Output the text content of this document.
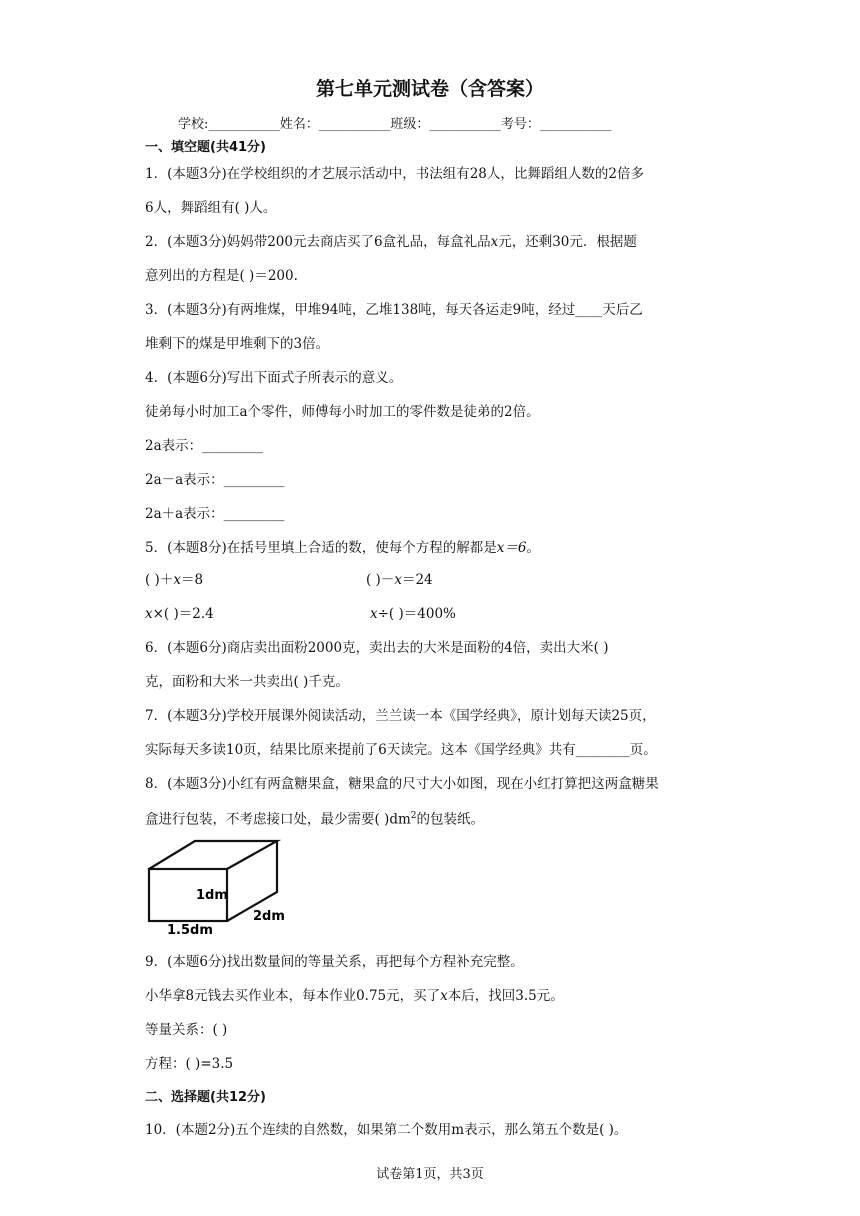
第七单元测试卷（含答案）
学校:___________姓名：___________班级：___________考号：___________
一、填空题(共41分)
1．(本题3分)在学校组织的才艺展示活动中，书法组有28人，比舞蹈组人数的2倍多
6人，舞蹈组有( )人。
2．(本题3分)妈妈带200元去商店买了6盒礼品，每盒礼品x元，还剩30元．根据题
意列出的方程是( )＝200.
3．(本题3分)有两堆煤，甲堆94吨，乙堆138吨，每天各运走9吨，经过____天后乙
堆剩下的煤是甲堆剩下的3倍。
4．(本题6分)写出下面式子所表示的意义。
徒弟每小时加工a个零件，师傅每小时加工的零件数是徒弟的2倍。
2a表示：_________
2a－a表示：_________
2a＋a表示：_________
5．(本题8分)在括号里填上合适的数，使每个方程的解都是x＝6。
( )＋x＝8	( )－x＝24
x×( )＝2.4	x÷( )＝400%
6．(本题6分)商店卖出面粉2000克，卖出去的大米是面粉的4倍，卖出大米( )
克，面粉和大米一共卖出( )千克。
7．(本题3分)学校开展课外阅读活动，兰兰读一本《国学经典》，原计划每天读25页，
实际每天多读10页，结果比原来提前了6天读完。这本《国学经典》共有________页。
8．(本题3分)小红有两盒糖果盒，糖果盒的尺寸大小如图，现在小红打算把这两盒糖果
盒进行包装，不考虑接口处，最少需要( )$dm^2$的包装纸。
1dm
1.5dm
2dm
9．(本题6分)找出数量间的等量关系，再把每个方程补充完整。
小华拿8元钱去买作业本，每本作业0.75元，买了x本后，找回3.5元。
等量关系：( )
方程：( )=3.5
二、选择题(共12分)
10．(本题2分)五个连续的自然数，如果第二个数用m表示，那么第五个数是( )。
试卷第1页，共3页
